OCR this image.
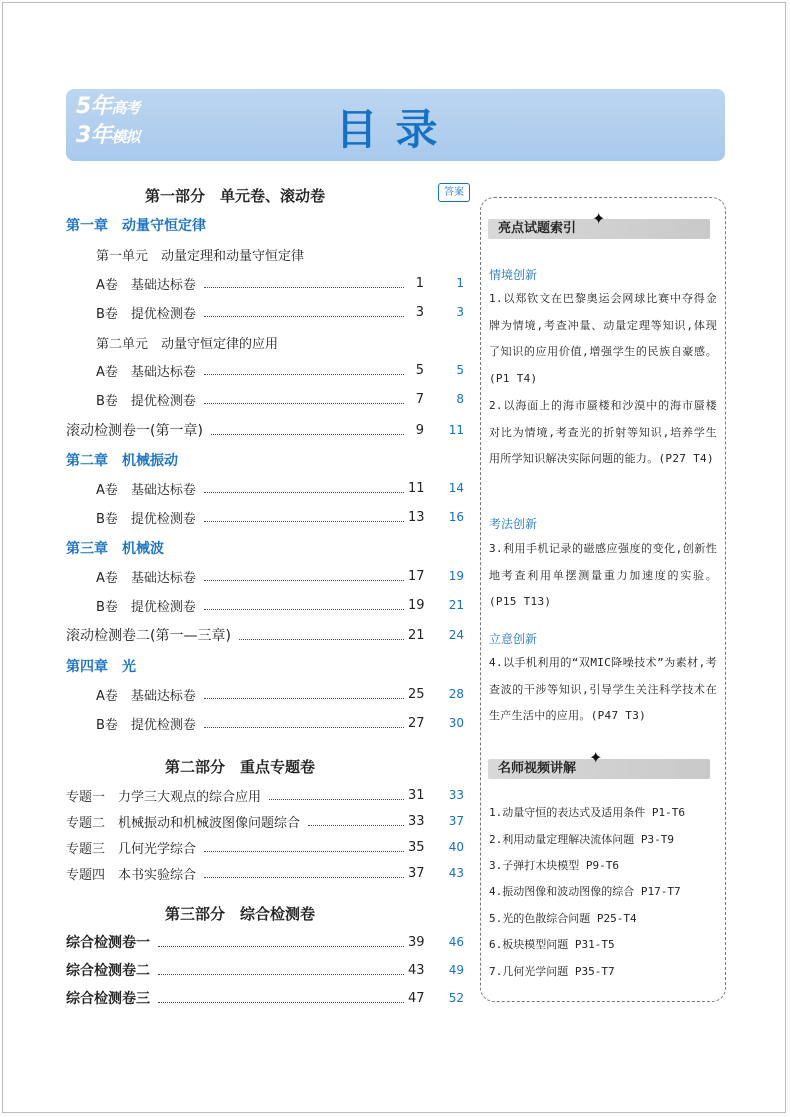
5年高考
3年模拟	目录
第一部分　单元卷、滚动卷	答案
第一章　动量守恒定律
第一单元　动量定理和动量守恒定律
A卷　基础达标卷	1	1
B卷　提优检测卷	3	3
第二单元　动量守恒定律的应用
A卷　基础达标卷	5	5
B卷　提优检测卷	7	8
滚动检测卷一(第一章)	9	11
第二章　机械振动
A卷　基础达标卷	11	14
B卷　提优检测卷	13	16
第三章　机械波
A卷　基础达标卷	17	19
B卷　提优检测卷	19	21
滚动检测卷二(第一—三章)	21	24
第四章　光
A卷　基础达标卷	25	28
B卷　提优检测卷	27	30
第二部分　重点专题卷
专题一　力学三大观点的综合应用	31	33
专题二　机械振动和机械波图像问题综合	33	37
专题三　几何光学综合	35	40
专题四　本书实验综合	37	43
第三部分　综合检测卷
综合检测卷一	39	46
综合检测卷二	43	49
综合检测卷三	47	52
亮点试题索引
✦
情境创新
1.以郑钦文在巴黎奥运会网球比赛中夺得金牌为情境,考查冲量、动量定理等知识,体现了知识的应用价值,增强学生的民族自豪感。(P1 T4)
2.以海面上的海市蜃楼和沙漠中的海市蜃楼对比为情境,考查光的折射等知识,培养学生用所学知识解决实际问题的能力。(P27 T4)
考法创新
3.利用手机记录的磁感应强度的变化,创新性地考查利用单摆测量重力加速度的实验。(P15 T13)
立意创新
4.以手机利用的“双MIC降噪技术”为素材,考查波的干涉等知识,引导学生关注科学技术在生产生活中的应用。(P47 T3)
名师视频讲解
✦
1.动量守恒的表达式及适用条件 P1-T6
2.利用动量定理解决流体问题 P3-T9
3.子弹打木块模型 P9-T6
4.振动图像和波动图像的综合 P17-T7
5.光的色散综合问题 P25-T4
6.板块模型问题 P31-T5
7.几何光学问题 P35-T7
